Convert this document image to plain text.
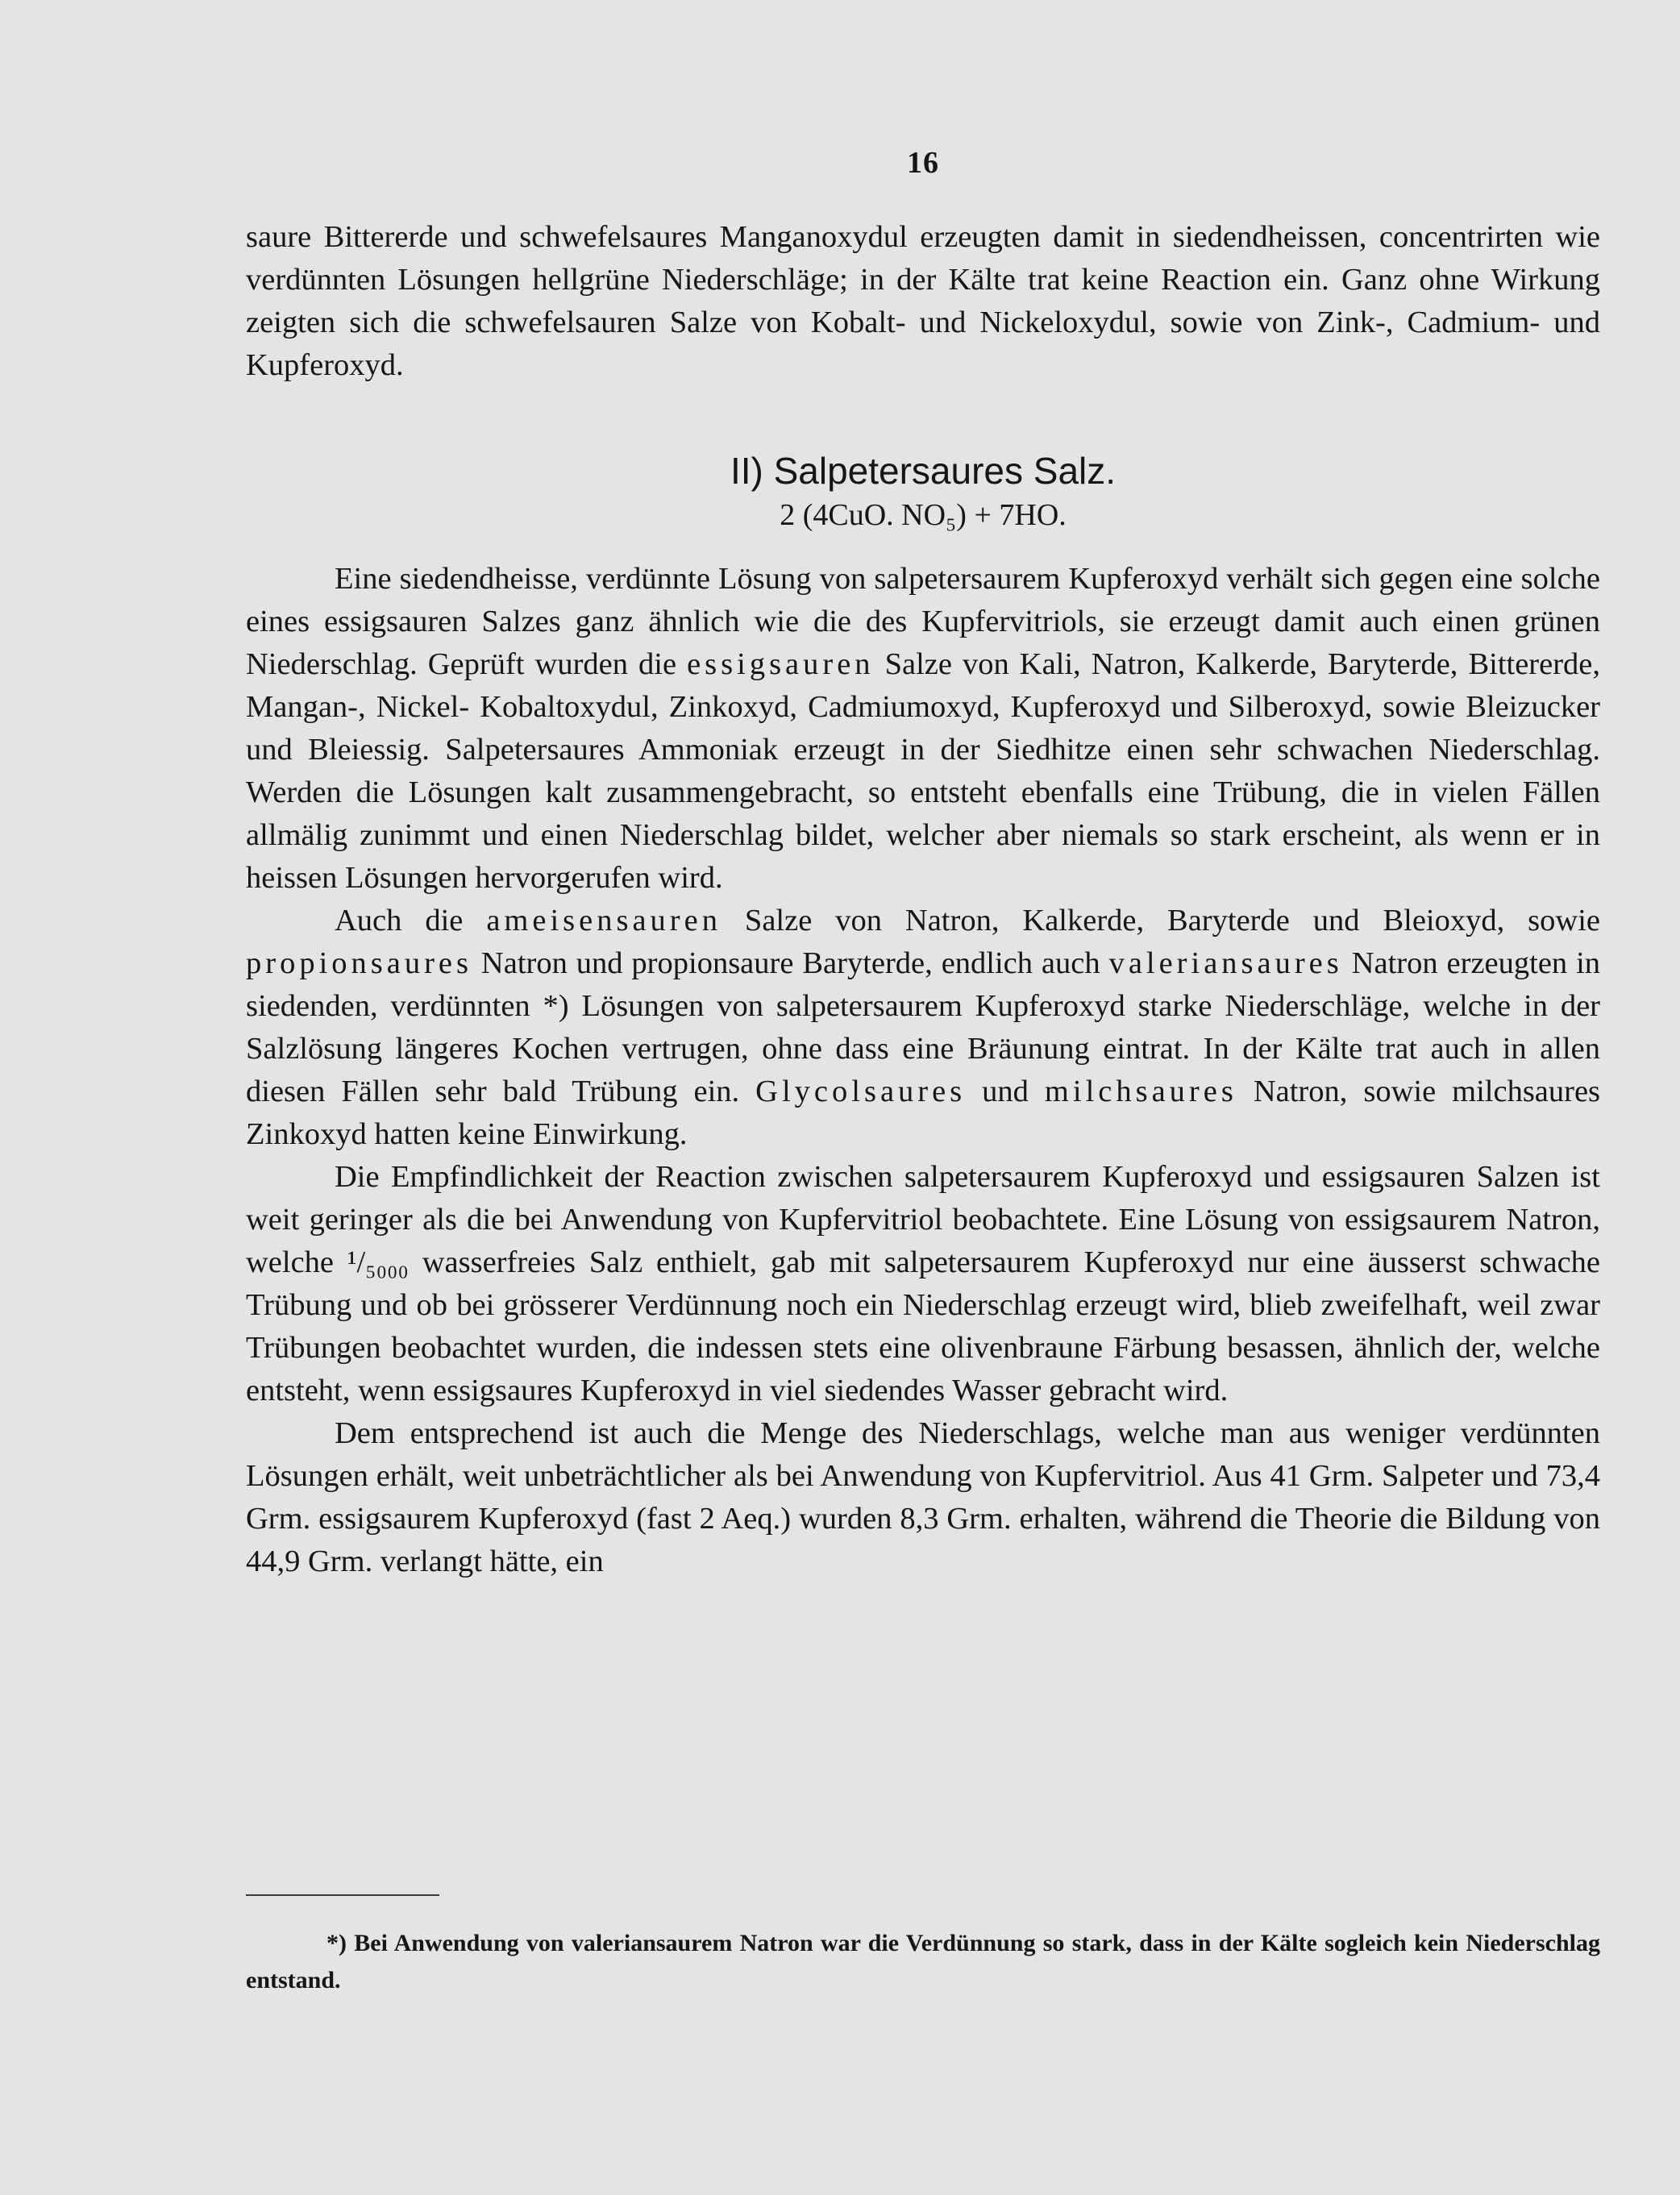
16

saure Bittererde und schwefelsaures Manganoxydul erzeugten damit in siedendheissen, concentrirten wie verdünnten Lösungen hellgrüne Niederschläge; in der Kälte trat keine Reaction ein. Ganz ohne Wirkung zeigten sich die schwefelsauren Salze von Kobalt- und Nickeloxydul, sowie von Zink-, Cadmium- und Kupferoxyd.

II) Salpetersaures Salz.

2 (4CuO. NO₅) + 7HO.

Eine siedendheisse, verdünnte Lösung von salpetersaurem Kupferoxyd verhält sich gegen eine solche eines essigsauren Salzes ganz ähnlich wie die des Kupfervitriols, sie erzeugt damit auch einen grünen Niederschlag. Geprüft wurden die essigsauren Salze von Kali, Natron, Kalkerde, Baryterde, Bittererde, Mangan-, Nickel- Kobaltoxydul, Zinkoxyd, Cadmiumoxyd, Kupferoxyd und Silberoxyd, sowie Bleizucker und Bleiessig. Salpetersaures Ammoniak erzeugt in der Siedhitze einen sehr schwachen Niederschlag. Werden die Lösungen kalt zusammengebracht, so entsteht ebenfalls eine Trübung, die in vielen Fällen allmälig zunimmt und einen Niederschlag bildet, welcher aber niemals so stark erscheint, als wenn er in heissen Lösungen hervorgerufen wird.

Auch die ameisensauren Salze von Natron, Kalkerde, Baryterde und Bleioxyd, sowie propionsaures Natron und propionsaure Baryterde, endlich auch valeriansaures Natron erzeugten in siedenden, verdünnten *) Lösungen von salpetersaurem Kupferoxyd starke Niederschläge, welche in der Salzlösung längeres Kochen vertrugen, ohne dass eine Bräunung eintrat. In der Kälte trat auch in allen diesen Fällen sehr bald Trübung ein. Glycolsaures und milchsaures Natron, sowie milchsaures Zinkoxyd hatten keine Einwirkung.

Die Empfindlichkeit der Reaction zwischen salpetersaurem Kupferoxyd und essigsauren Salzen ist weit geringer als die bei Anwendung von Kupfervitriol beobachtete. Eine Lösung von essigsaurem Natron, welche ¹/₅₀₀₀ wasserfreies Salz enthielt, gab mit salpetersaurem Kupferoxyd nur eine äusserst schwache Trübung und ob bei grösserer Verdünnung noch ein Niederschlag erzeugt wird, blieb zweifelhaft, weil zwar Trübungen beobachtet wurden, die indessen stets eine olivenbraune Färbung besassen, ähnlich der, welche entsteht, wenn essigsaures Kupferoxyd in viel siedendes Wasser gebracht wird.

Dem entsprechend ist auch die Menge des Niederschlags, welche man aus weniger verdünnten Lösungen erhält, weit unbeträchtlicher als bei Anwendung von Kupfervitriol. Aus 41 Grm. Salpeter und 73,4 Grm. essigsaurem Kupferoxyd (fast 2 Aeq.) wurden 8,3 Grm. erhalten, während die Theorie die Bildung von 44,9 Grm. verlangt hätte, ein

*) Bei Anwendung von valeriansaurem Natron war die Verdünnung so stark, dass in der Kälte sogleich kein Niederschlag entstand.
